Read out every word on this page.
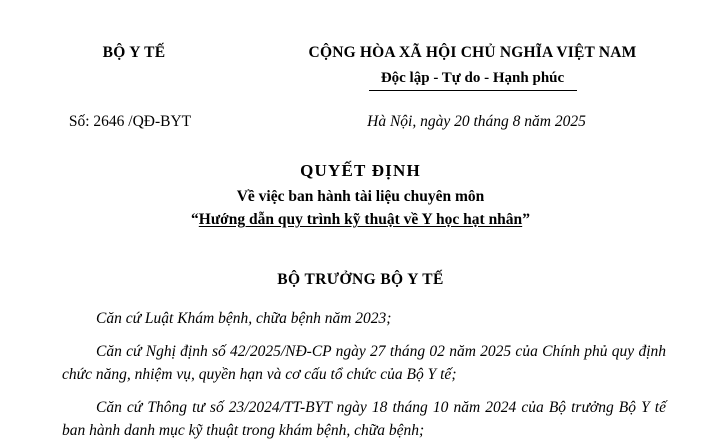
BỘ Y TẾ	CỘNG HÒA XÃ HỘI CHỦ NGHĨA VIỆT NAM
Độc lập - Tự do - Hạnh phúc
Số: 2646 /QĐ-BYT	Hà Nội, ngày 20 tháng 8 năm 2025
QUYẾT ĐỊNH
Về việc ban hành tài liệu chuyên môn
“Hướng dẫn quy trình kỹ thuật về Y học hạt nhân”
BỘ TRƯỞNG BỘ Y TẾ

Căn cứ Luật Khám bệnh, chữa bệnh năm 2023;

Căn cứ Nghị định số 42/2025/NĐ-CP ngày 27 tháng 02 năm 2025 của Chính phủ quy định chức năng, nhiệm vụ, quyền hạn và cơ cấu tổ chức của Bộ Y tế;

Căn cứ Thông tư số 23/2024/TT-BYT ngày 18 tháng 10 năm 2024 của Bộ trưởng Bộ Y tế ban hành danh mục kỹ thuật trong khám bệnh, chữa bệnh;
